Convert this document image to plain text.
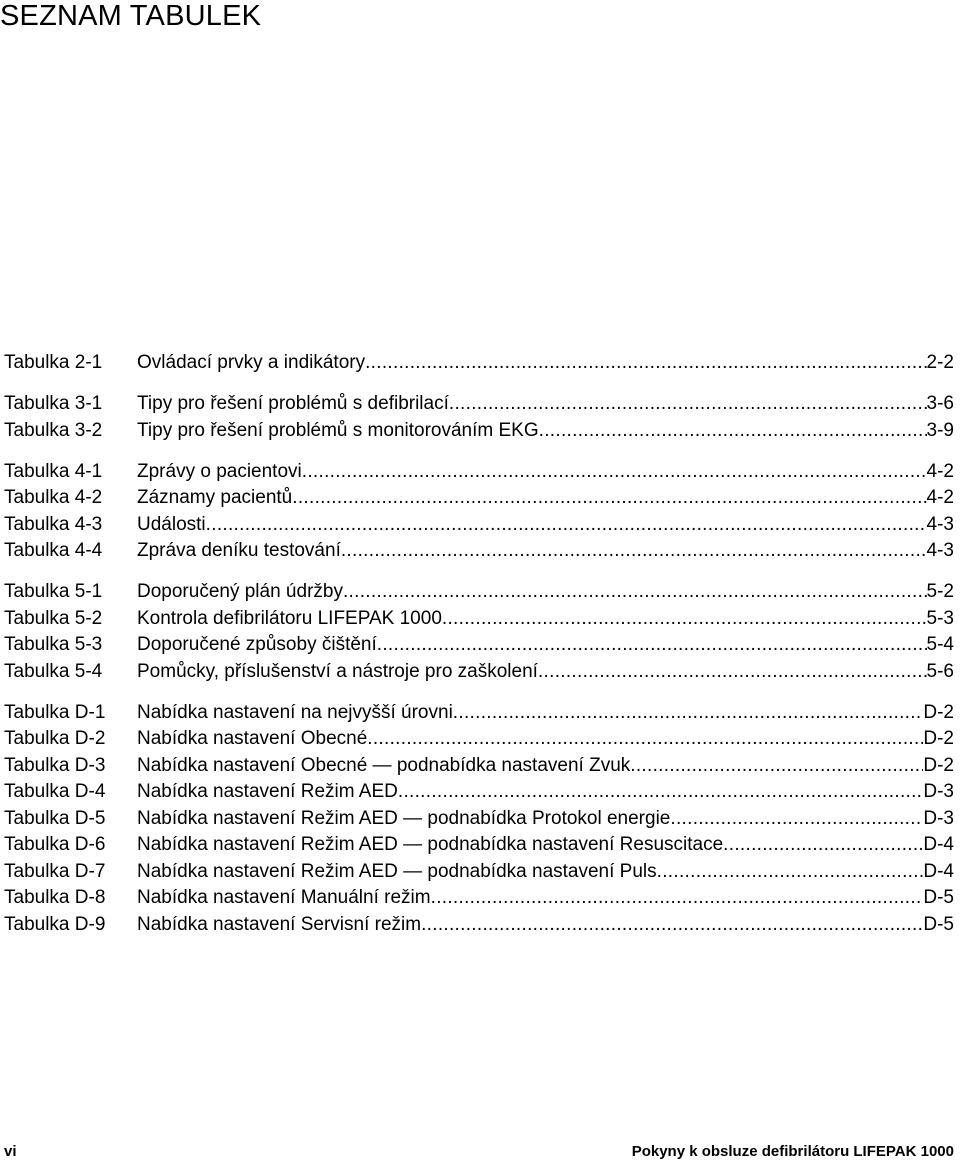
SEZNAM TABULEK
Tabulka 2-1	Ovládací prvky a indikátory .....	2-2
Tabulka 3-1	Tipy pro řešení problémů s defibrilací .....	3-6
Tabulka 3-2	Tipy pro řešení problémů s monitorováním EKG .....	3-9
Tabulka 4-1	Zprávy o pacientovi .....	4-2
Tabulka 4-2	Záznamy pacientů .....	4-2
Tabulka 4-3	Události .....	4-3
Tabulka 4-4	Zpráva deníku testování .....	4-3
Tabulka 5-1	Doporučený plán údržby .....	5-2
Tabulka 5-2	Kontrola defibrilátoru LIFEPAK 1000 .....	5-3
Tabulka 5-3	Doporučené způsoby čištění .....	5-4
Tabulka 5-4	Pomůcky, příslušenství a nástroje pro zaškolení .....	5-6
Tabulka D-1	Nabídka nastavení na nejvyšší úrovni .....	D-2
Tabulka D-2	Nabídka nastavení Obecné .....	D-2
Tabulka D-3	Nabídka nastavení Obecné — podnabídka nastavení Zvuk .....	D-2
Tabulka D-4	Nabídka nastavení Režim AED .....	D-3
Tabulka D-5	Nabídka nastavení Režim AED — podnabídka Protokol energie .....	D-3
Tabulka D-6	Nabídka nastavení Režim AED — podnabídka nastavení Resuscitace .....	D-4
Tabulka D-7	Nabídka nastavení Režim AED — podnabídka nastavení Puls .....	D-4
Tabulka D-8	Nabídka nastavení Manuální režim .....	D-5
Tabulka D-9	Nabídka nastavení Servisní režim .....	D-5
vi	Pokyny k obsluze defibrilátoru LIFEPAK 1000
